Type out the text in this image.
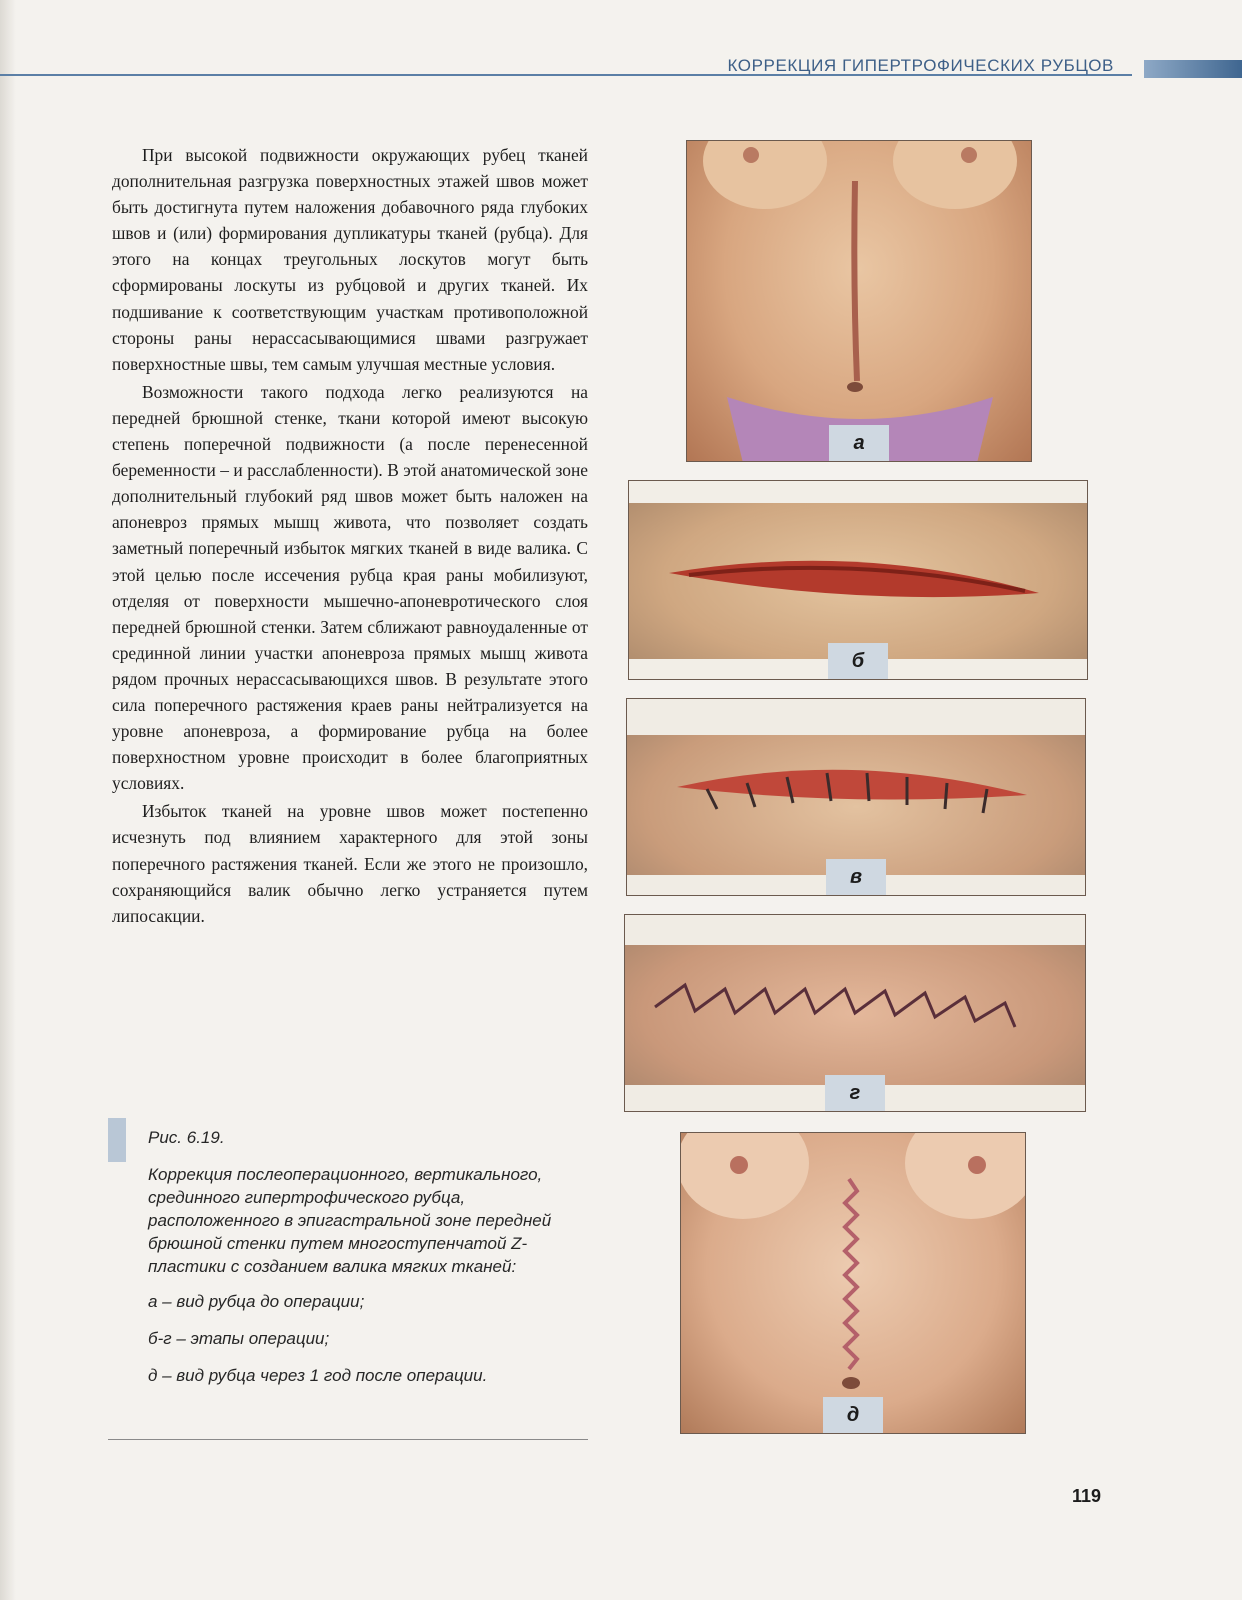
КОРРЕКЦИЯ ГИПЕРТРОФИЧЕСКИХ РУБЦОВ

При высокой подвижности окружающих рубец тканей дополнительная разгрузка поверхностных этажей швов может быть достигнута путем наложения добавочного ряда глубоких швов и (или) формирования дупликатуры тканей (рубца). Для этого на концах треугольных лоскутов могут быть сформированы лоскуты из рубцовой и других тканей. Их подшивание к соответствующим участкам противоположной стороны раны нерассасывающимися швами разгружает поверхностные швы, тем самым улучшая местные условия.

Возможности такого подхода легко реализуются на передней брюшной стенке, ткани которой имеют высокую степень поперечной подвижности (а после перенесенной беременности – и расслабленности). В этой анатомической зоне дополнительный глубокий ряд швов может быть наложен на апоневроз прямых мышц живота, что позволяет создать заметный поперечный избыток мягких тканей в виде валика. С этой целью после иссечения рубца края раны мобилизуют, отделяя от поверхности мышечно-апоневротического слоя передней брюшной стенки. Затем сближают равноудаленные от срединной линии участки апоневроза прямых мышц живота рядом прочных нерассасывающихся швов. В результате этого сила поперечного растяжения краев раны нейтрализуется на уровне апоневроза, а формирование рубца на более поверхностном уровне происходит в более благоприятных условиях.

Избыток тканей на уровне швов может постепенно исчезнуть под влиянием характерного для этой зоны поперечного растяжения тканей. Если же этого не произошло, сохраняющийся валик обычно легко устраняется путем липосакции.

Рис. 6.19.
Коррекция послеоперационного, вертикального, срединного гипертрофического рубца, расположенного в эпигастральной зоне передней брюшной стенки путем многоступенчатой Z-пластики с созданием валика мягких тканей:
а – вид рубца до операции;
б-г – этапы операции;
д – вид рубца через 1 год после операции.
а
б
в
г
д
119
